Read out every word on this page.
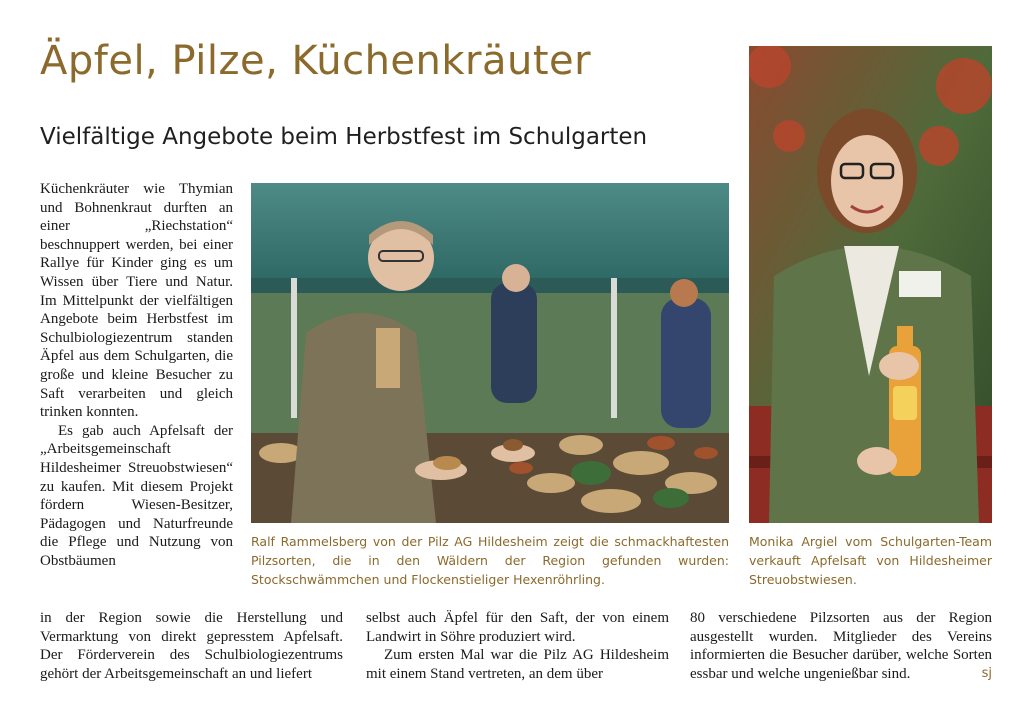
Äpfel, Pilze, Küchenkräuter
Vielfältige Angebote beim Herbstfest im Schulgarten

Küchenkräuter wie Thymian und Bohnenkraut durften an einer „Riechstation“ beschnuppert werden, bei einer Rallye für Kinder ging es um Wissen über Tiere und Natur. Im Mittelpunkt der vielfältigen Angebote beim Herbstfest im Schulbiologiezentrum standen Äpfel aus dem Schulgarten, die große und kleine Besucher zu Saft verarbeiten und gleich trinken konnten.

Es gab auch Apfelsaft der „Arbeitsgemeinschaft Hildesheimer Streuobstwiesen“ zu kaufen. Mit diesem Projekt fördern Wiesen-Besitzer, Pädagogen und Naturfreunde die Pflege und Nutzung von Obstbäumen

in der Region sowie die Herstellung und Vermarktung von direkt gepresstem Apfelsaft. Der Förderverein des Schulbiologiezentrums gehört der Arbeitsgemeinschaft an und liefert

selbst auch Äpfel für den Saft, der von einem Landwirt in Söhre produziert wird.

Zum ersten Mal war die Pilz AG Hildesheim mit einem Stand vertreten, an dem über

80 verschiedene Pilzsorten aus der Region ausgestellt wurden. Mitglieder des Vereins informierten die Besucher darüber, welche Sorten essbar und welche ungenießbar sind.	sj

Ralf Rammelsberg von der Pilz AG Hildesheim zeigt die schmackhaftesten Pilzsorten, die in den Wäldern der Region gefunden wurden: Stockschwämmchen und Flockenstieliger Hexenröhrling.

Monika Argiel vom Schulgarten-Team verkauft Apfelsaft von Hildesheimer Streuobstwiesen.
